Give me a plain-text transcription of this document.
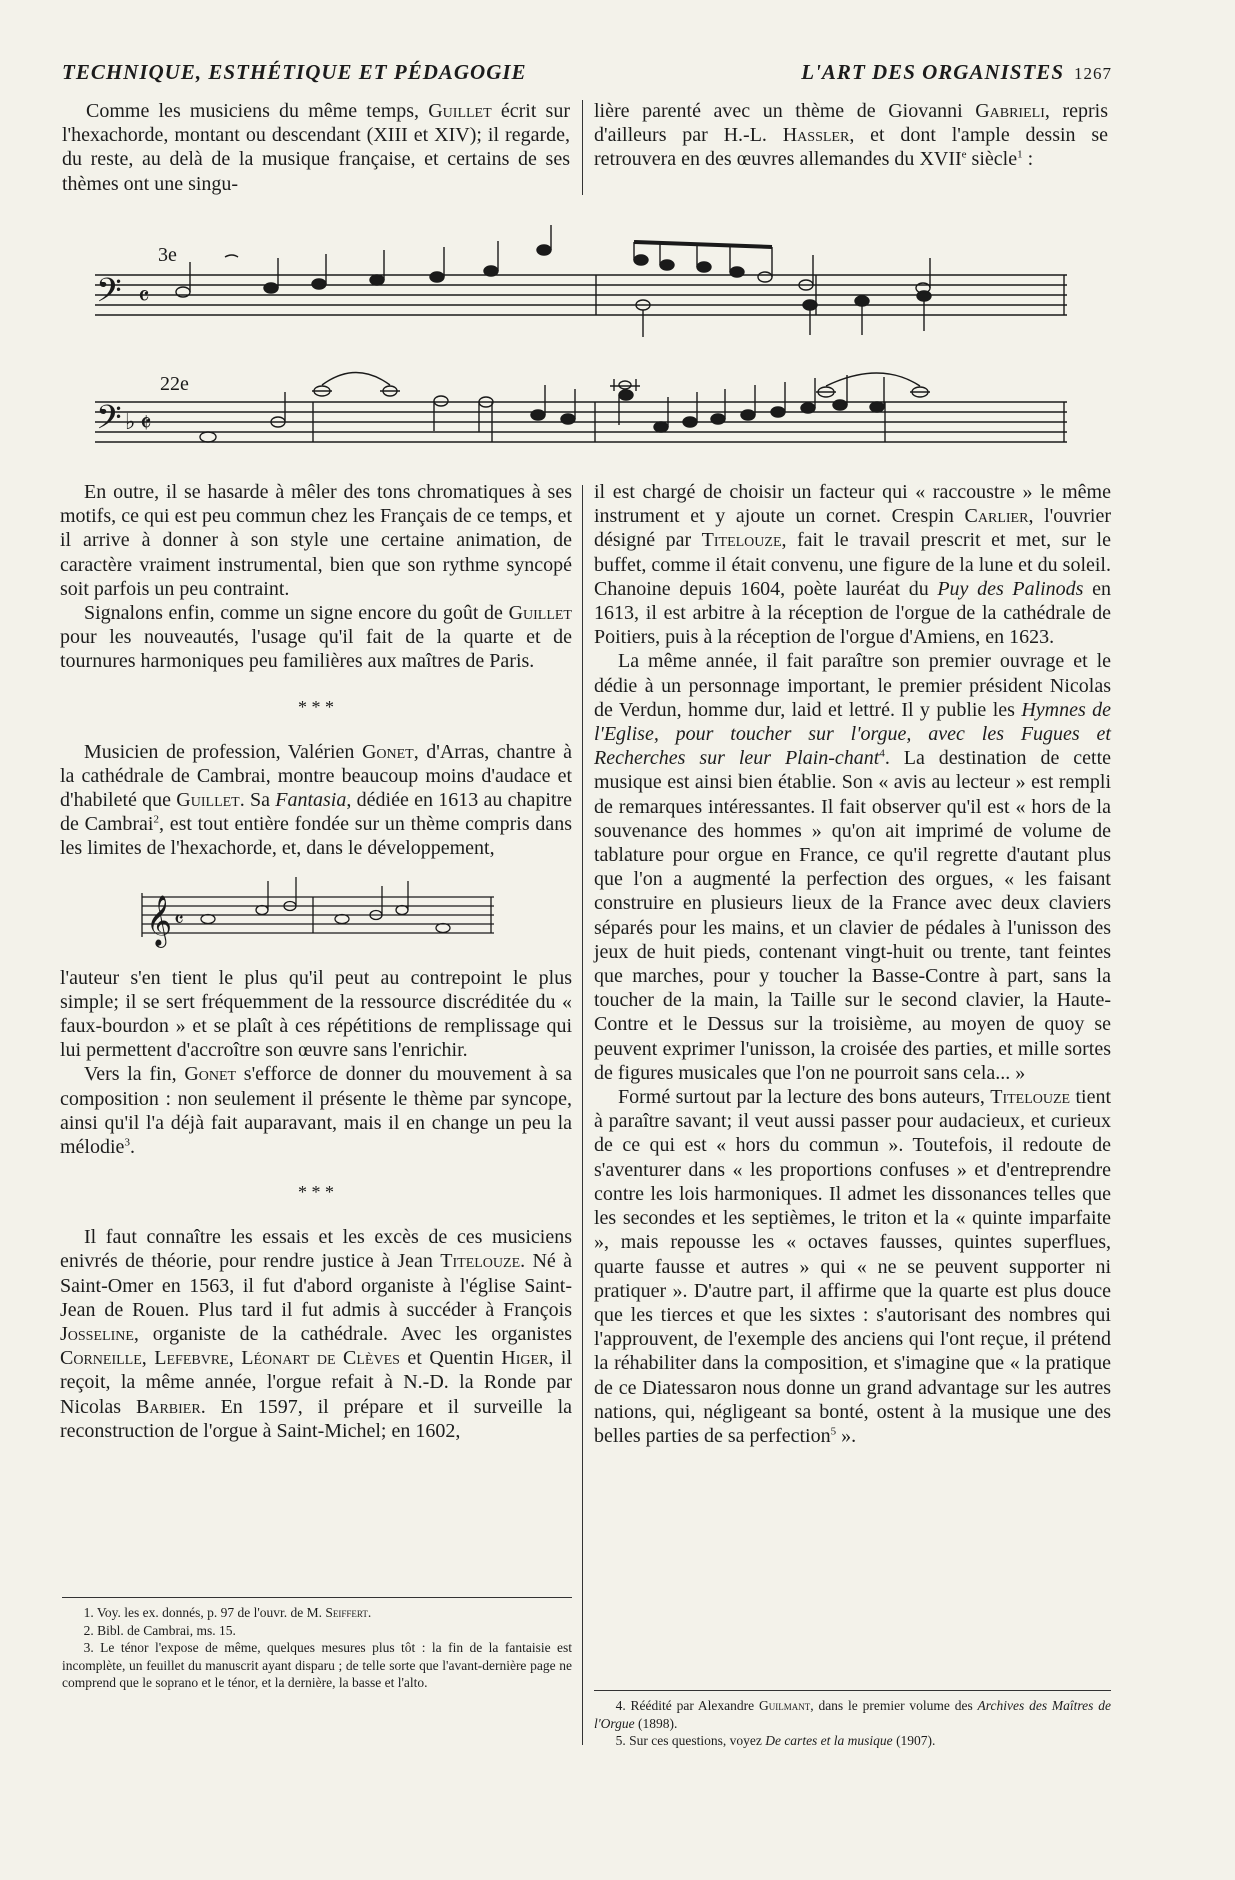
TECHNIQUE, ESTHÉTIQUE ET PÉDAGOGIE	L'ART DES ORGANISTES 1267

Comme les musiciens du même temps, Guillet écrit sur l'hexachorde, montant ou descendant (XIII et XIV); il regarde, du reste, au delà de la musique française, et certains de ses thèmes ont une singu-

lière parenté avec un thème de Giovanni Gabrieli, repris d'ailleurs par H.-L. Hassler, et dont l'ample dessin se retrouvera en des œuvres allemandes du XVIIe siècle$^1$ :

𝄢 𝄴
𝄢 ♭ 𝄵
3e
22e

En outre, il se hasarde à mêler des tons chromatiques à ses motifs, ce qui est peu commun chez les Français de ce temps, et il arrive à donner à son style une certaine animation, de caractère vraiment instrumental, bien que son rythme syncopé soit parfois un peu contraint.

Signalons enfin, comme un signe encore du goût de Guillet pour les nouveautés, l'usage qu'il fait de la quarte et de tournures harmoniques peu familières aux maîtres de Paris.

* * *

Musicien de profession, Valérien Gonet, d'Arras, chantre à la cathédrale de Cambrai, montre beaucoup moins d'audace et d'habileté que Guillet. Sa Fantasia, dédiée en 1613 au chapitre de Cambrai$^2$, est tout entière fondée sur un thème compris dans les limites de l'hexachorde, et, dans le développement,

𝄞 𝄴

l'auteur s'en tient le plus qu'il peut au contrepoint le plus simple; il se sert fréquemment de la ressource discréditée du « faux-bourdon » et se plaît à ces répétitions de remplissage qui lui permettent d'accroître son œuvre sans l'enrichir.

Vers la fin, Gonet s'efforce de donner du mouvement à sa composition : non seulement il présente le thème par syncope, ainsi qu'il l'a déjà fait auparavant, mais il en change un peu la mélodie$^3$.

* * *

Il faut connaître les essais et les excès de ces musiciens enivrés de théorie, pour rendre justice à Jean Titelouze. Né à Saint-Omer en 1563, il fut d'abord organiste à l'église Saint-Jean de Rouen. Plus tard il fut admis à succéder à François Josseline, organiste de la cathédrale. Avec les organistes Corneille, Lefebvre, Léonart de Clèves et Quentin Higer, il reçoit, la même année, l'orgue refait à N.-D. la Ronde par Nicolas Barbier. En 1597, il prépare et il surveille la reconstruction de l'orgue à Saint-Michel; en 1602,

1. Voy. les ex. donnés, p. 97 de l'ouvr. de M. Seiffert.

2. Bibl. de Cambrai, ms. 15.

3. Le ténor l'expose de même, quelques mesures plus tôt : la fin de la fantaisie est incomplète, un feuillet du manuscrit ayant disparu ; de telle sorte que l'avant-dernière page ne comprend que le soprano et le ténor, et la dernière, la basse et l'alto.

il est chargé de choisir un facteur qui « raccoustre » le même instrument et y ajoute un cornet. Crespin Carlier, l'ouvrier désigné par Titelouze, fait le travail prescrit et met, sur le buffet, comme il était convenu, une figure de la lune et du soleil. Chanoine depuis 1604, poète lauréat du Puy des Palinods en 1613, il est arbitre à la réception de l'orgue de la cathédrale de Poitiers, puis à la réception de l'orgue d'Amiens, en 1623.

La même année, il fait paraître son premier ouvrage et le dédie à un personnage important, le premier président Nicolas de Verdun, homme dur, laid et lettré. Il y publie les Hymnes de l'Eglise, pour toucher sur l'orgue, avec les Fugues et Recherches sur leur Plain-chant$^4$. La destination de cette musique est ainsi bien établie. Son « avis au lecteur » est rempli de remarques intéressantes. Il fait observer qu'il est « hors de la souvenance des hommes » qu'on ait imprimé de volume de tablature pour orgue en France, ce qu'il regrette d'autant plus que l'on a augmenté la perfection des orgues, « les faisant construire en plusieurs lieux de la France avec deux claviers séparés pour les mains, et un clavier de pédales à l'unisson des jeux de huit pieds, contenant vingt-huit ou trente, tant feintes que marches, pour y toucher la Basse-Contre à part, sans la toucher de la main, la Taille sur le second clavier, la Haute-Contre et le Dessus sur la troisième, au moyen de quoy se peuvent exprimer l'unisson, la croisée des parties, et mille sortes de figures musicales que l'on ne pourroit sans cela... »

Formé surtout par la lecture des bons auteurs, Titelouze tient à paraître savant; il veut aussi passer pour audacieux, et curieux de ce qui est « hors du commun ». Toutefois, il redoute de s'aventurer dans « les proportions confuses » et d'entreprendre contre les lois harmoniques. Il admet les dissonances telles que les secondes et les septièmes, le triton et la « quinte imparfaite », mais repousse les « octaves fausses, quintes superflues, quarte fausse et autres » qui « ne se peuvent supporter ni pratiquer ». D'autre part, il affirme que la quarte est plus douce que les tierces et que les sixtes : s'autorisant des nombres qui l'approuvent, de l'exemple des anciens qui l'ont reçue, il prétend la réhabiliter dans la composition, et s'imagine que « la pratique de ce Diatessaron nous donne un grand advantage sur les autres nations, qui, négligeant sa bonté, ostent à la musique une des belles parties de sa perfection$^5$ ».

4. Réédité par Alexandre Guilmant, dans le premier volume des Archives des Maîtres de l'Orgue (1898).

5. Sur ces questions, voyez De cartes et la musique (1907).
